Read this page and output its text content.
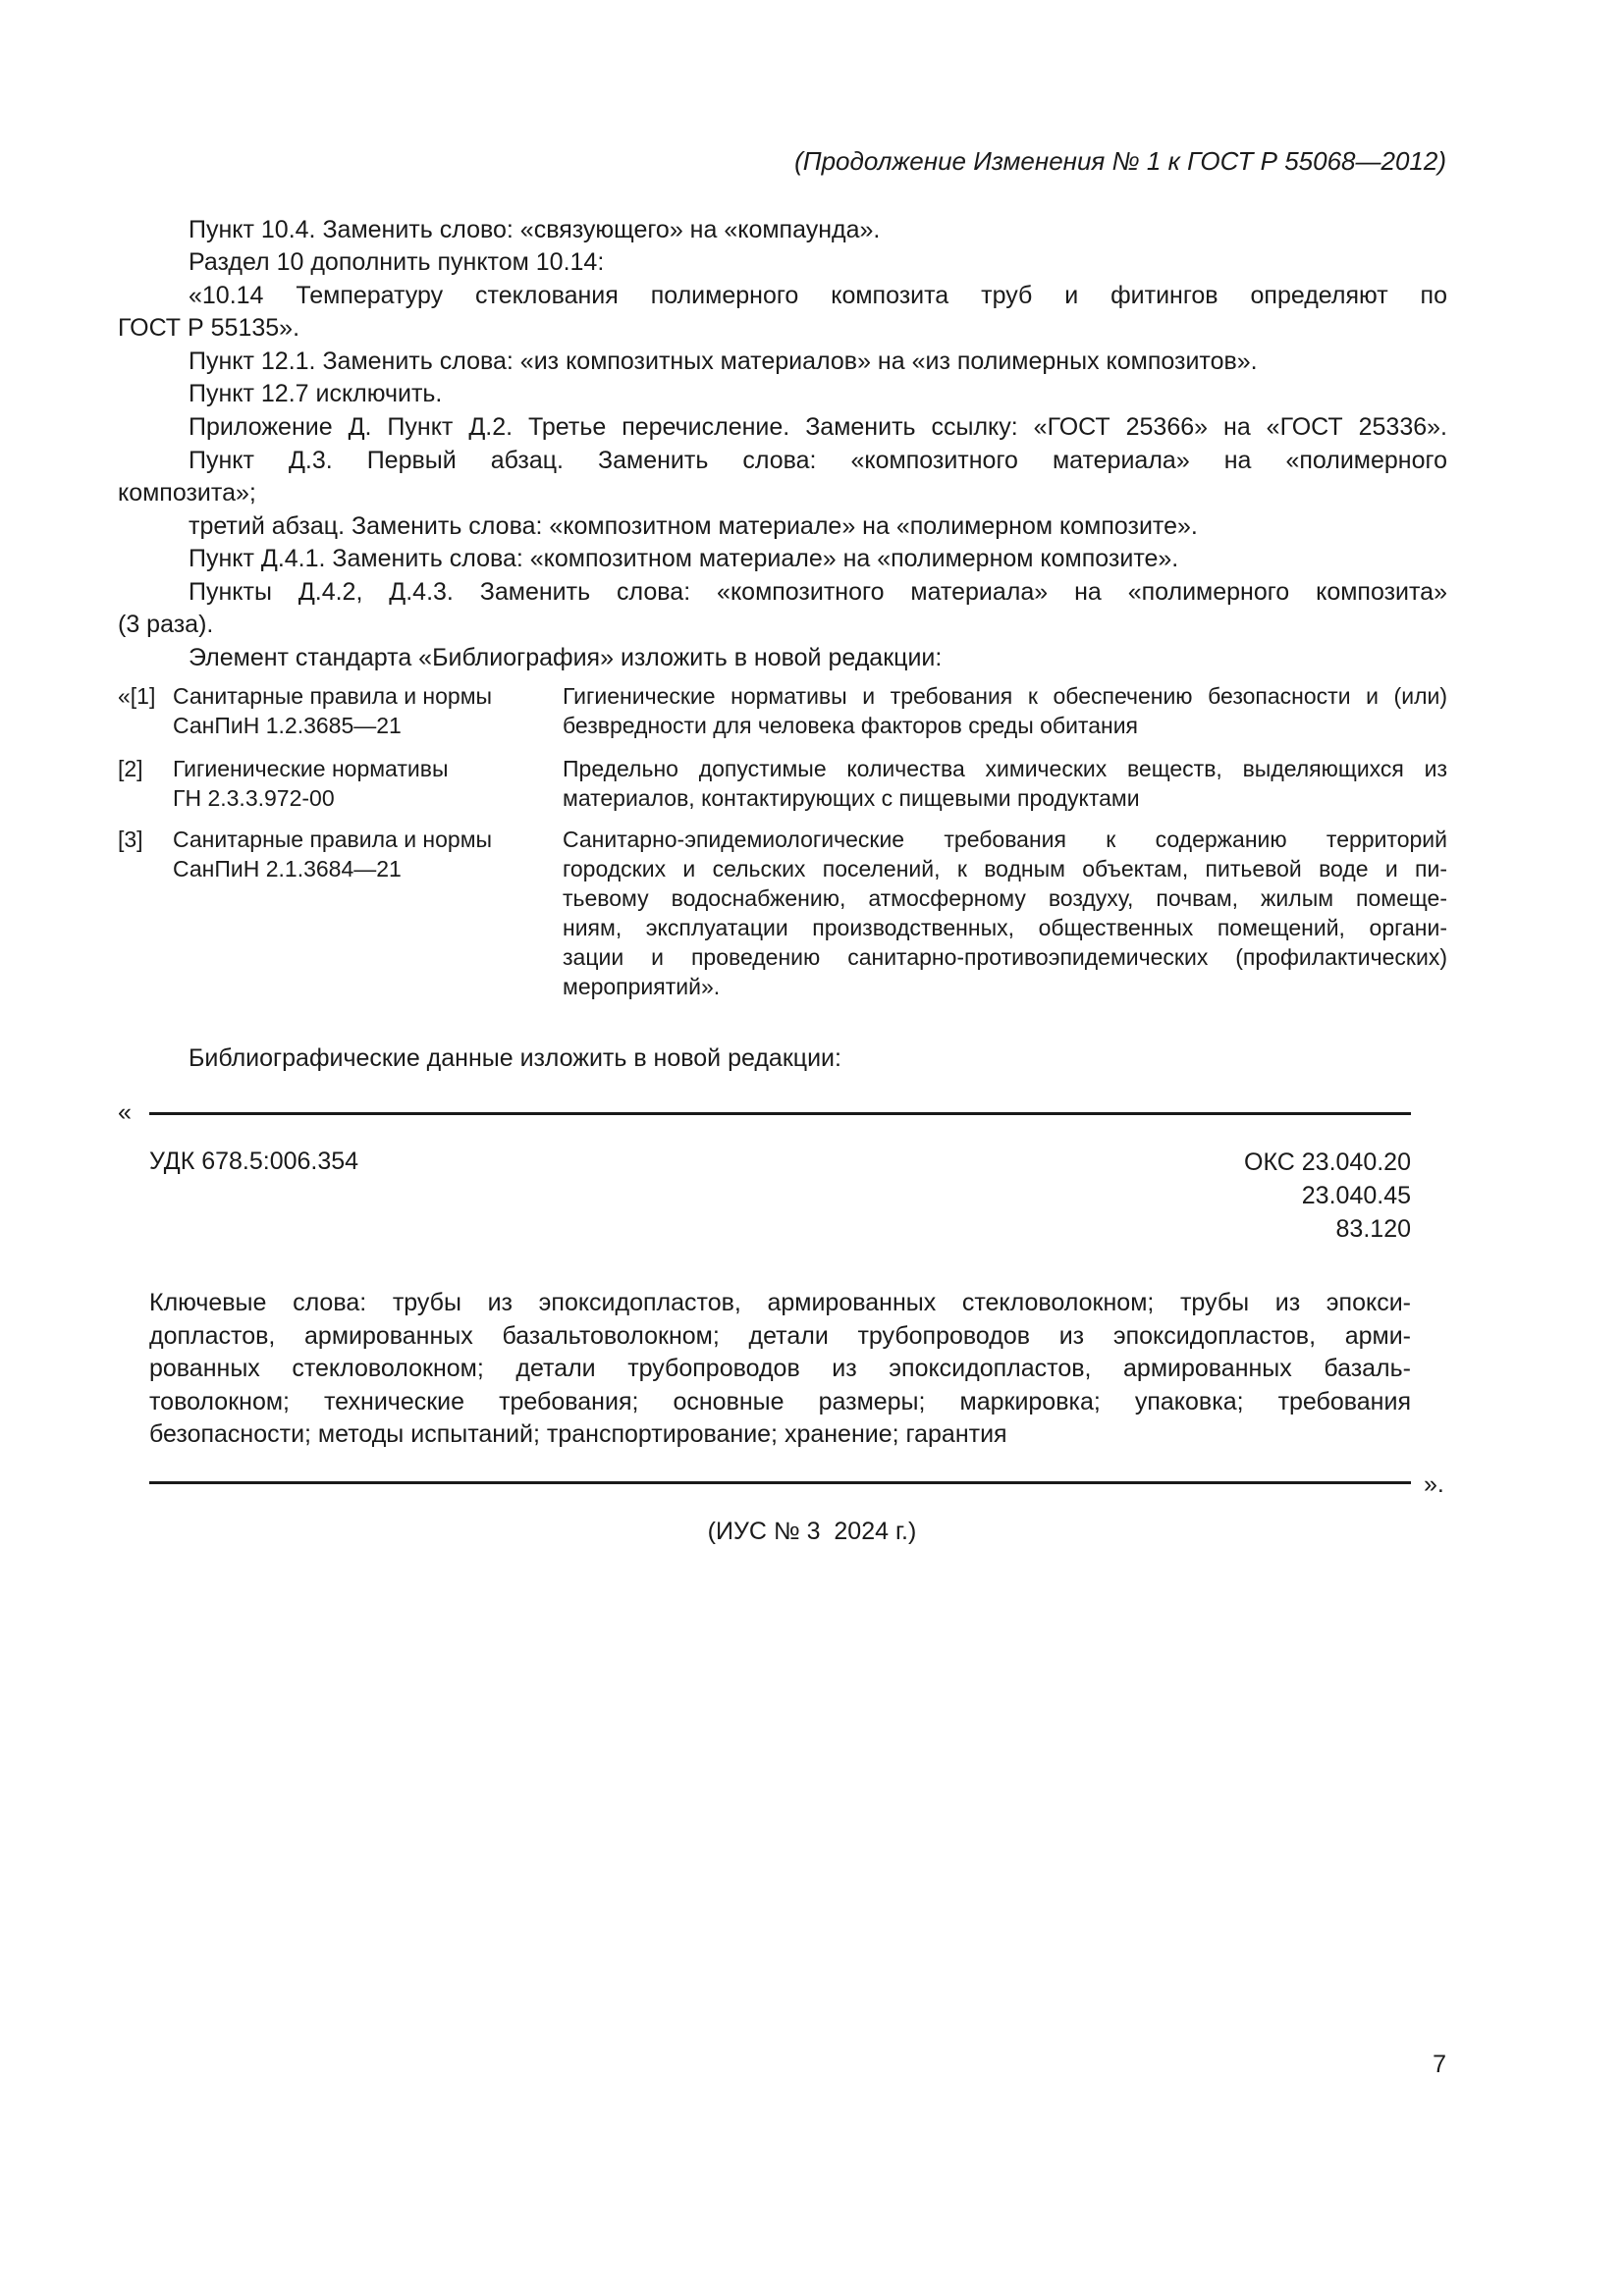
(Продолжение Изменения № 1 к ГОСТ Р 55068—2012)
Пункт 10.4. Заменить слово: «связующего» на «компаунда».
Раздел 10 дополнить пунктом 10.14:
«10.14 Температуру стеклования полимерного композита труб и фитингов определяют по
ГОСТ Р 55135».
Пункт 12.1. Заменить слова: «из композитных материалов» на «из полимерных композитов».
Пункт 12.7 исключить.
Приложение Д. Пункт Д.2. Третье перечисление. Заменить ссылку: «ГОСТ 25366» на «ГОСТ 25336».
Пункт Д.3. Первый абзац. Заменить слова: «композитного материала» на «полимерного
композита»;
третий абзац. Заменить слова: «композитном материале» на «полимерном композите».
Пункт Д.4.1. Заменить слова: «композитном материале» на «полимерном композите».
Пункты Д.4.2, Д.4.3. Заменить слова: «композитного материала» на «полимерного композита»
(3 раза).
Элемент стандарта «Библиография» изложить в новой редакции:
«[1] Санитарные правила и нормы
СанПиН 1.2.3685—21
Гигиенические нормативы и требования к обеспечению безопасности и (или)
безвредности для человека факторов среды обитания
[2] Гигиенические нормативы
ГН 2.3.3.972-00
Предельно допустимые количества химических веществ, выделяющихся из
материалов, контактирующих с пищевыми продуктами
[3] Санитарные правила и нормы
СанПиН 2.1.3684—21
Санитарно-эпидемиологические требования к содержанию территорий
городских и сельских поселений, к водным объектам, питьевой воде и пи-
тьевому водоснабжению, атмосферному воздуху, почвам, жилым помеще-
ниям, эксплуатации производственных, общественных помещений, органи-
зации и проведению санитарно-противоэпидемических (профилактических)
мероприятий».
Библиографические данные изложить в новой редакции:
«
УДК 678.5:006.354	ОКС 23.040.20
23.040.45
83.120
Ключевые слова: трубы из эпоксидопластов, армированных стекловолокном; трубы из эпокси-
допластов, армированных базальтоволокном; детали трубопроводов из эпоксидопластов, арми-
рованных стекловолокном; детали трубопроводов из эпоксидопластов, армированных базаль-
товолокном; технические требования; основные размеры; маркировка; упаковка; требования
безопасности; методы испытаний; транспортирование; хранение; гарантия
».
(ИУС № 3  2024 г.)
7
